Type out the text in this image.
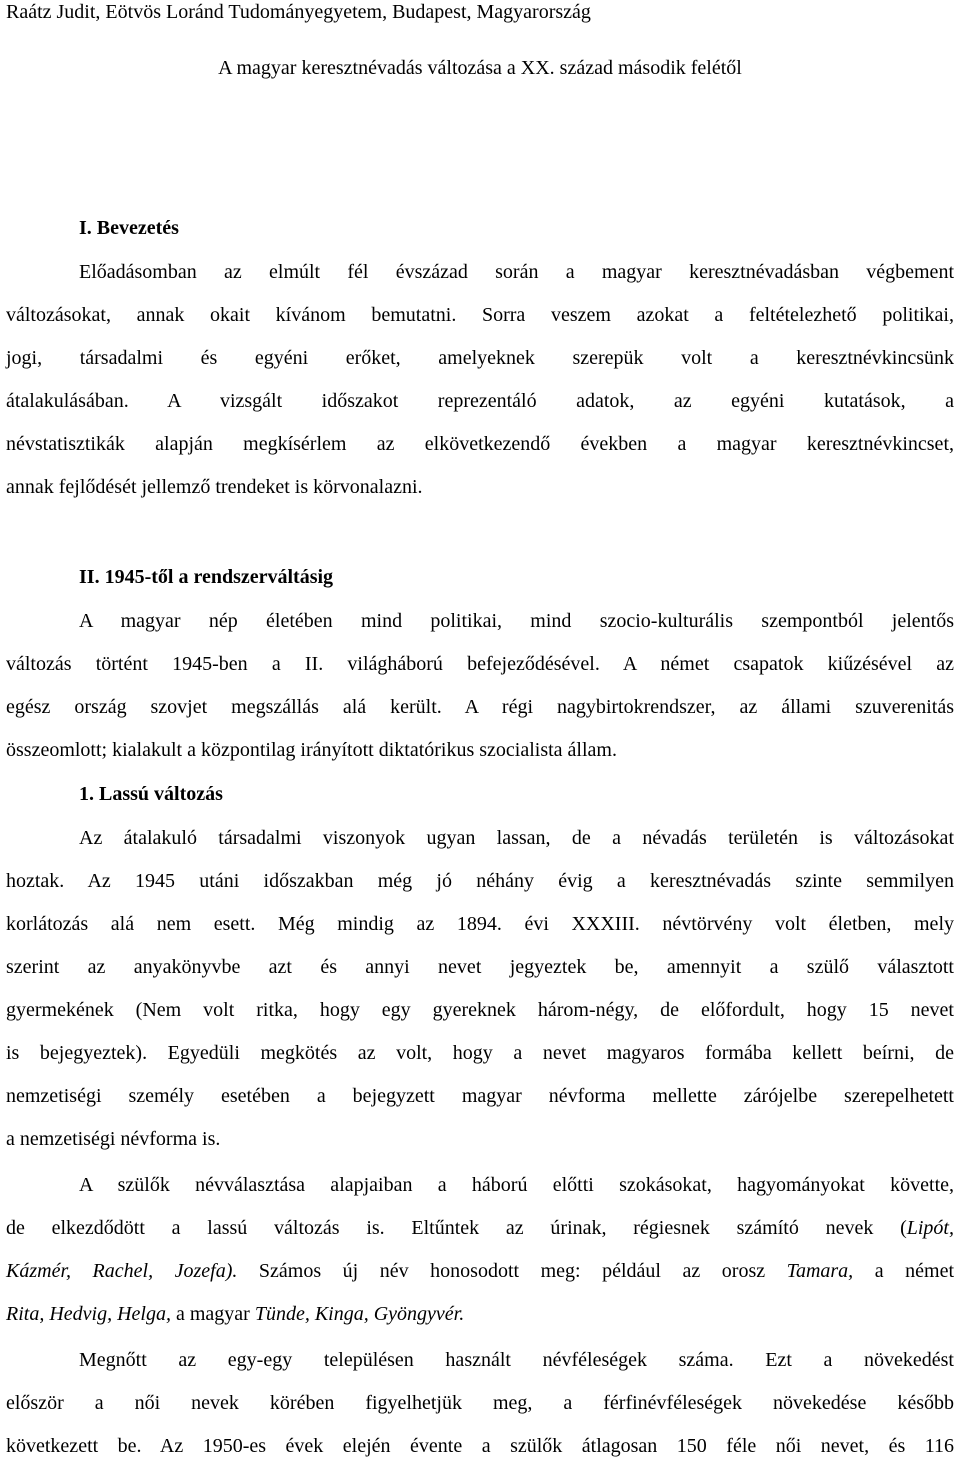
Raátz Judit, Eötvös Loránd Tudományegyetem, Budapest, Magyarország
A magyar keresztnévadás változása a XX. század második felétől
I. Bevezetés
Előadásomban az elmúlt fél évszázad során a magyar keresztnévadásban végbement
változásokat, annak okait kívánom bemutatni. Sorra veszem azokat a feltételezhető politikai,
jogi, társadalmi és egyéni erőket, amelyeknek szerepük volt a keresztnévkincsünk
átalakulásában. A vizsgált időszakot reprezentáló adatok, az egyéni kutatások, a
névstatisztikák alapján megkísérlem az elkövetkezendő években a magyar keresztnévkincset,
annak fejlődését jellemző trendeket is körvonalazni.
II. 1945-től a rendszerváltásig
A magyar nép életében mind politikai, mind szocio-kulturális szempontból jelentős
változás történt 1945-ben a II. világháború befejeződésével. A német csapatok kiűzésével az
egész ország szovjet megszállás alá került. A régi nagybirtokrendszer, az állami szuverenitás
összeomlott; kialakult a központilag irányított diktatórikus szocialista állam.
1. Lassú változás
Az átalakuló társadalmi viszonyok ugyan lassan, de a névadás területén is változásokat
hoztak. Az 1945 utáni időszakban még jó néhány évig a keresztnévadás szinte semmilyen
korlátozás alá nem esett. Még mindig az 1894. évi XXXIII. névtörvény volt életben, mely
szerint az anyakönyvbe azt és annyi nevet jegyeztek be, amennyit a szülő választott
gyermekének (Nem volt ritka, hogy egy gyereknek három-négy, de előfordult, hogy 15 nevet
is bejegyeztek). Egyedüli megkötés az volt, hogy a nevet magyaros formába kellett beírni, de
nemzetiségi személy esetében a bejegyzett magyar névforma mellette zárójelbe szerepelhetett
a nemzetiségi névforma is.
A szülők névválasztása alapjaiban a háború előtti szokásokat, hagyományokat követte,
de elkezdődött a lassú változás is. Eltűntek az úrinak, régiesnek számító nevek (Lipót,
Kázmér, Rachel, Jozefa). Számos új név honosodott meg: például az orosz Tamara, a német
Rita, Hedvig, Helga, a magyar Tünde, Kinga, Gyöngyvér.
Megnőtt az egy-egy településen használt névféleségek száma. Ezt a növekedést
először a női nevek körében figyelhetjük meg, a férfinévféleségek növekedése később
következett be. Az 1950-es évek elején évente a szülők átlagosan 150 féle női nevet, és 116
